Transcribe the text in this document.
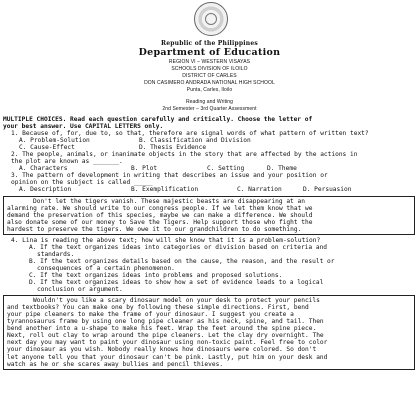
Republic of the Philippines
Department of Education
REGION VI – WESTERN VISAYAS
SCHOOLS DIVISION OF ILOILO
DISTRICT OF CARLES
DON CASIMERO ANDRADA NATIONAL HIGH SCHOOL
Punta, Carles, Iloilo
Reading and Writing
2nd Semester – 3rd Quarter Assessment
MULTIPLE CHOICES. Read each question carefully and critically. Choose the letter of
your best answer. Use CAPITAL LETTERS only.
1. Because of, for, due to, so that, therefore are signal words of what pattern of written text?
A. Problem-Solution	B. Classification and Division
C. Cause-Effect	D. Thesis Evidence
2. The people, animals, or inanimate objects in the story that are affected by the actions in
the plot are known as _______.
A. Characters	B. Plot	C. Setting	D. Theme
3. The pattern of development in writing that describes an issue and your position or
opinion on the subject is called _____
A. Description	B. Exemplification	C. Narration	D. Persuasion
Don't let the tigers vanish. These majestic beasts are disappearing at an
alarming rate. We should write to our congress people. If we let them know that we
demand the preservation of this species, maybe we can make a difference. We should
also donate some of our money to Save the Tigers. Help support those who fight the
hardest to preserve the tigers. We owe it to our grandchildren to do something.
4. Lina is reading the above text; how will she know that it is a problem-solution?
A. If the text organizes ideas into categories or division based on criteria and
standards.
B. If the text organizes details based on the cause, the reason, and the result or
consequences of a certain phenomenon.
C. If the text organizes ideas into problems and proposed solutions.
D. If the text organizes ideas to show how a set of evidence leads to a logical
conclusion or argument.
Wouldn't you like a scary dinosaur model on your desk to protect your pencils
and textbooks? You can make one by following these simple directions. First, bend
your pipe cleaners to make the frame of your dinosaur. I suggest you create a
tyrannosaurus frame by using one long pipe cleaner as his neck, spine, and tail. Then
bend another into a u-shape to make his feet. Wrap the feet around the spine piece.
Next, roll out clay to wrap around the pipe cleaners. Let the clay dry overnight. The
next day you may want to paint your dinosaur using non-toxic paint. Feel free to color
your dinosaur as you wish. Nobody really knows how dinosaurs were colored. So don't
let anyone tell you that your dinosaur can't be pink. Lastly, put him on your desk and
watch as he or she scares away bullies and pencil thieves.
